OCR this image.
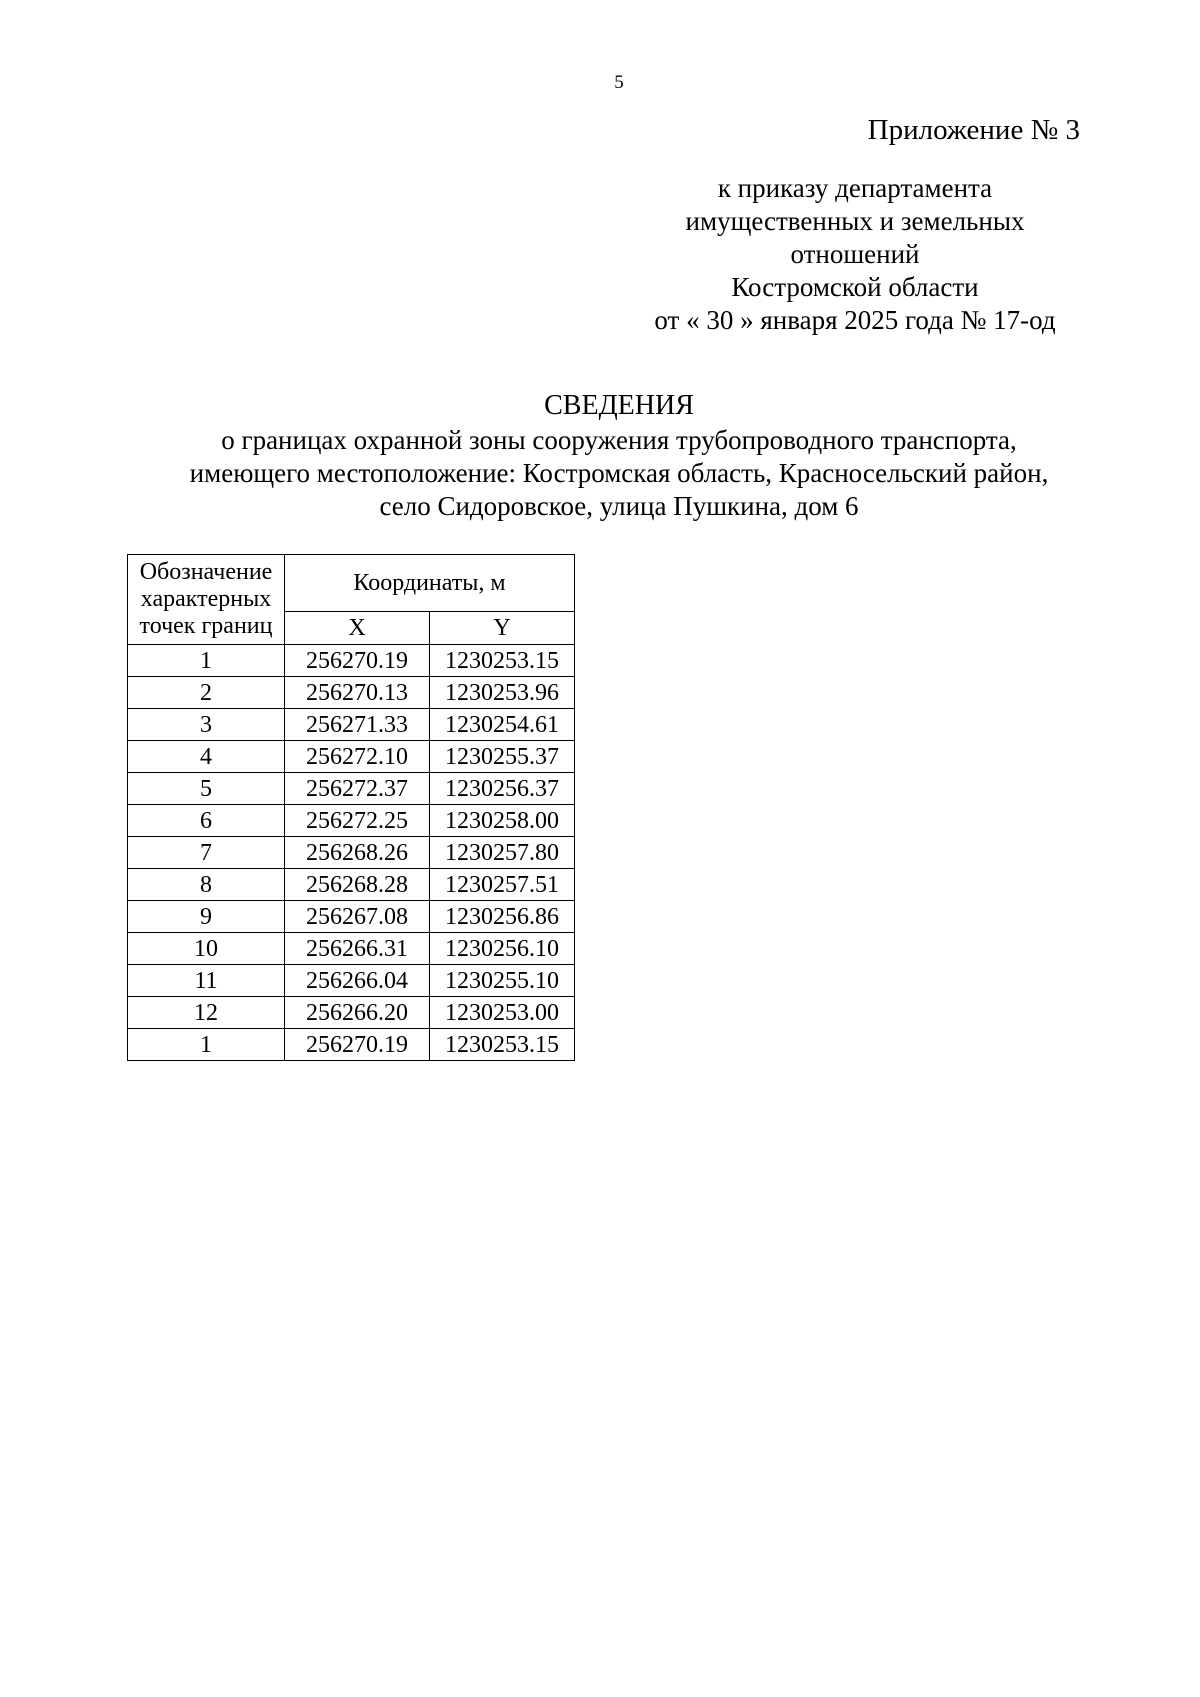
5
Приложение № 3
к приказу департамента
имущественных и земельных
отношений
Костромской области
от « 30 » января 2025 года № 17-од
СВЕДЕНИЯ
о границах охранной зоны сооружения трубопроводного транспорта,
имеющего местоположение: Костромская область, Красносельский район,
село Сидоровское, улица Пушкина, дом 6
Обозначение
характерных
точек границ	Координаты, м	
	X	Y
1	256270.19	1230253.15
2	256270.13	1230253.96
3	256271.33	1230254.61
4	256272.10	1230255.37
5	256272.37	1230256.37
6	256272.25	1230258.00
7	256268.26	1230257.80
8	256268.28	1230257.51
9	256267.08	1230256.86
10	256266.31	1230256.10
11	256266.04	1230255.10
12	256266.20	1230253.00
1	256270.19	1230253.15
